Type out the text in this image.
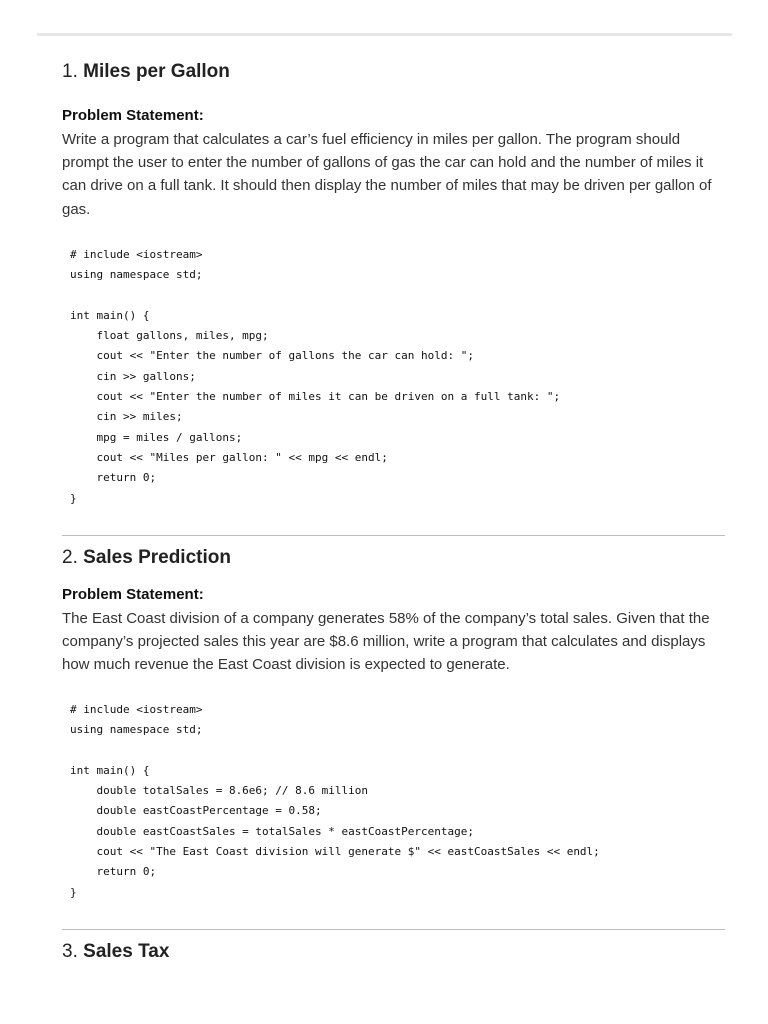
1. Miles per Gallon
Problem Statement:

Write a program that calculates a car’s fuel efficiency in miles per gallon. The program should prompt the user to enter the number of gallons of gas the car can hold and the number of miles it can drive on a full tank. It should then display the number of miles that may be driven per gallon of gas.

# include <iostream>
using namespace std;

int main() {
float gallons, miles, mpg;
cout << "Enter the number of gallons the car can hold: ";
cin >> gallons;
cout << "Enter the number of miles it can be driven on a full tank: ";
cin >> miles;
mpg = miles / gallons;
cout << "Miles per gallon: " << mpg << endl;
return 0;
}
2. Sales Prediction
Problem Statement:

The East Coast division of a company generates 58% of the company’s total sales. Given that the company’s projected sales this year are $8.6 million, write a program that calculates and displays how much revenue the East Coast division is expected to generate.

# include <iostream>
using namespace std;

int main() {
double totalSales = 8.6e6; // 8.6 million
double eastCoastPercentage = 0.58;
double eastCoastSales = totalSales * eastCoastPercentage;
cout << "The East Coast division will generate $" << eastCoastSales << endl;
return 0;
}
3. Sales Tax
